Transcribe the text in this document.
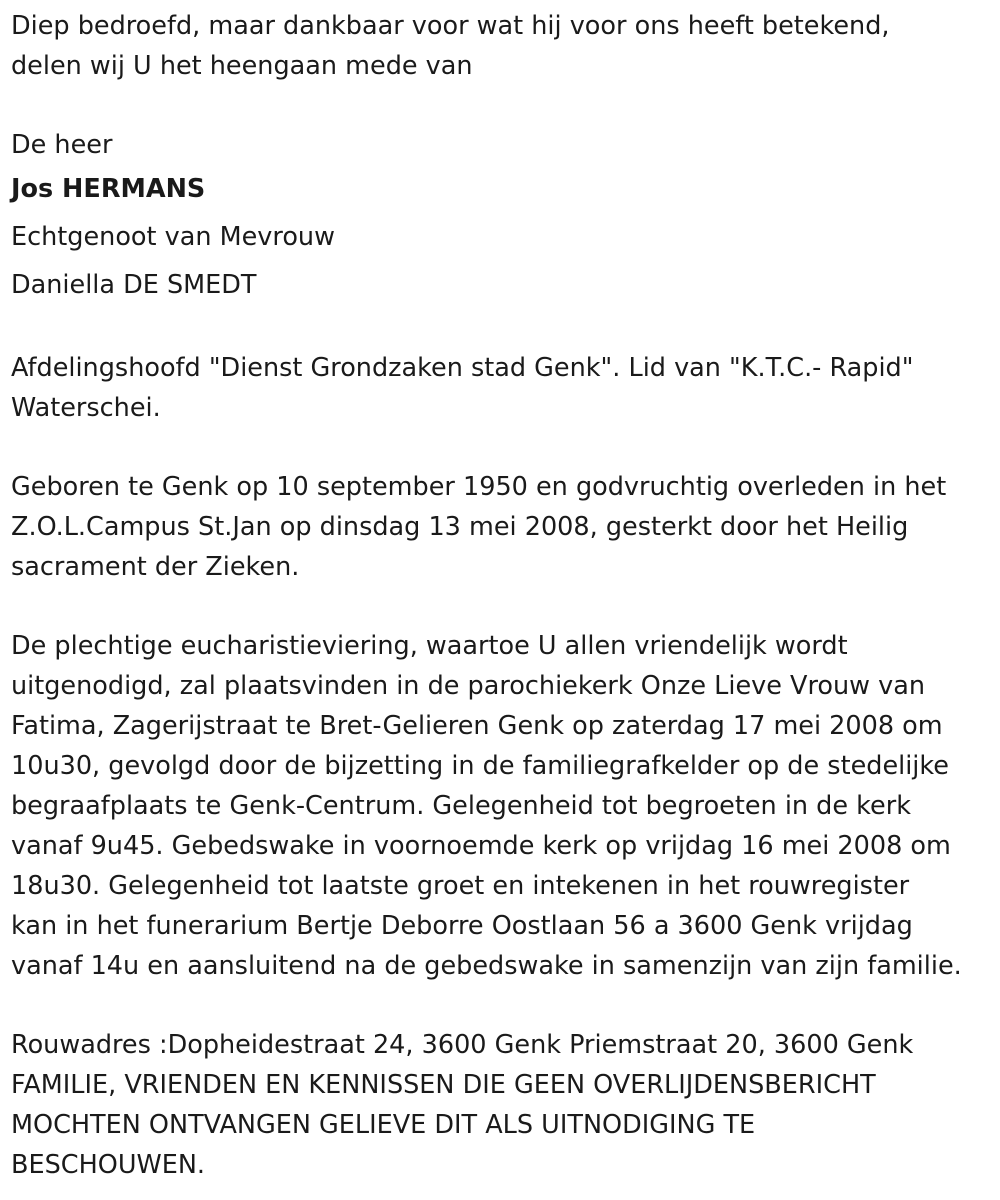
Diep bedroefd, maar dankbaar voor wat hij voor ons heeft betekend,
delen wij U het heengaan mede van

De heer

Jos HERMANS

Echtgenoot van Mevrouw

Daniella DE SMEDT

Afdelingshoofd "Dienst Grondzaken stad Genk". Lid van "K.T.C.- Rapid"
Waterschei.

Geboren te Genk op 10 september 1950 en godvruchtig overleden in het
Z.O.L.Campus St.Jan op dinsdag 13 mei 2008, gesterkt door het Heilig
sacrament der Zieken.

De plechtige eucharistieviering, waartoe U allen vriendelijk wordt
uitgenodigd, zal plaatsvinden in de parochiekerk Onze Lieve Vrouw van
Fatima, Zagerijstraat te Bret-Gelieren Genk op zaterdag 17 mei 2008 om
10u30, gevolgd door de bijzetting in de familiegrafkelder op de stedelijke
begraafplaats te Genk-Centrum. Gelegenheid tot begroeten in de kerk
vanaf 9u45. Gebedswake in voornoemde kerk op vrijdag 16 mei 2008 om
18u30. Gelegenheid tot laatste groet en intekenen in het rouwregister
kan in het funerarium Bertje Deborre Oostlaan 56 a 3600 Genk vrijdag
vanaf 14u en aansluitend na de gebedswake in samenzijn van zijn familie.

Rouwadres :Dopheidestraat 24, 3600 Genk Priemstraat 20, 3600 Genk
FAMILIE, VRIENDEN EN KENNISSEN DIE GEEN OVERLIJDENSBERICHT
MOCHTEN ONTVANGEN GELIEVE DIT ALS UITNODIGING TE
BESCHOUWEN.
